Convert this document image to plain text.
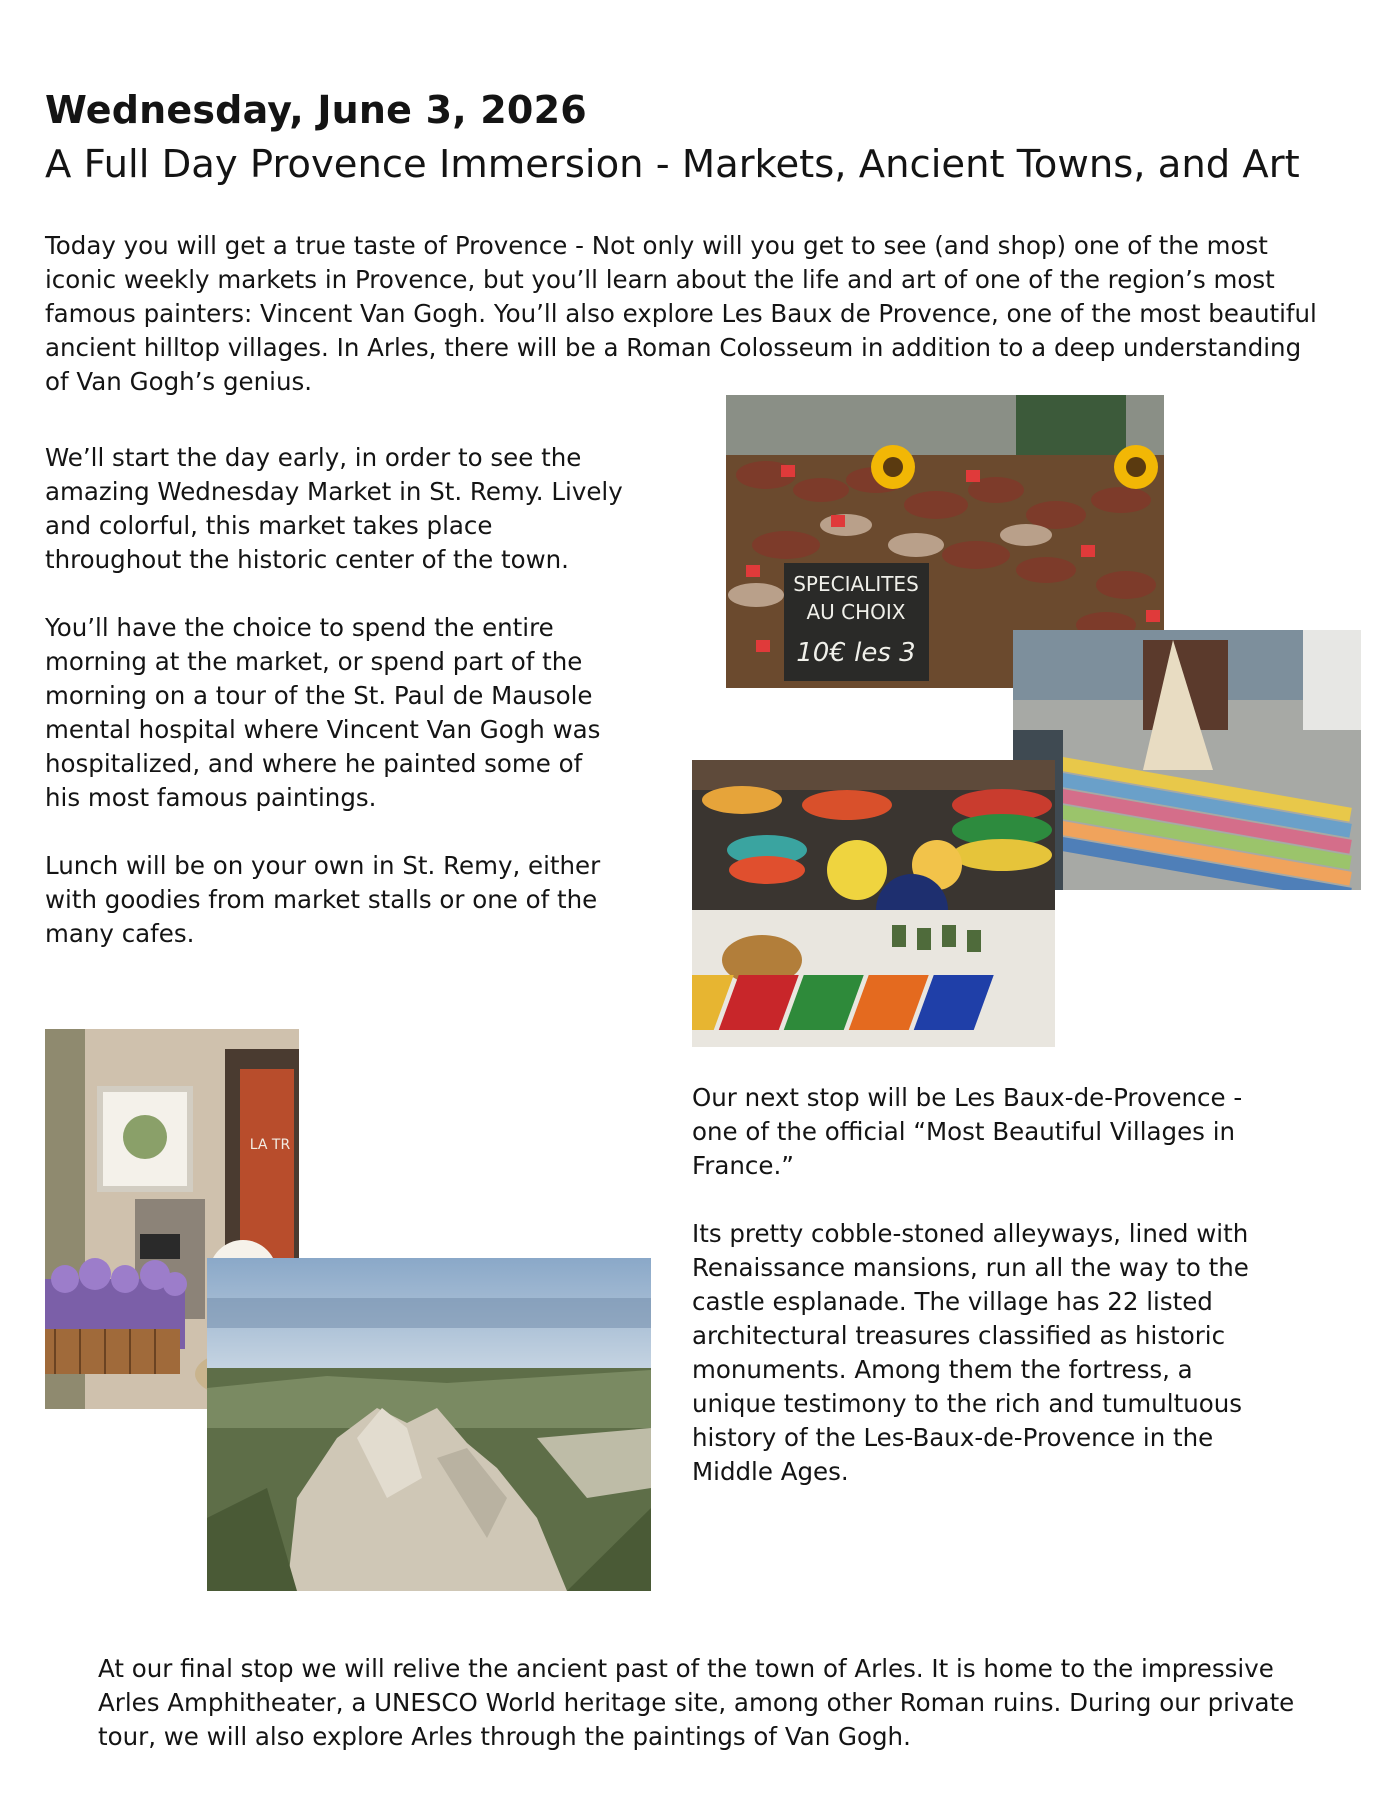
Wednesday, June 3, 2026
A Full Day Provence Immersion - Markets, Ancient Towns, and Art

Today you will get a true taste of Provence - Not only will you get to see (and shop) one of the most
iconic weekly markets in Provence, but you’ll learn about the life and art of one of the region’s most
famous painters: Vincent Van Gogh. You’ll also explore Les Baux de Provence, one of the most beautiful
ancient hilltop villages. In Arles, there will be a Roman Colosseum in addition to a deep understanding
of Van Gogh’s genius.

We’ll start the day early, in order to see the
amazing Wednesday Market in St. Remy. Lively
and colorful, this market takes place
throughout the historic center of the town.

You’ll have the choice to spend the entire
morning at the market, or spend part of the
morning on a tour of the St. Paul de Mausole
mental hospital where Vincent Van Gogh was
hospitalized, and where he painted some of
his most famous paintings.

Lunch will be on your own in St. Remy, either
with goodies from market stalls or one of the
many cafes.

Our next stop will be Les Baux-de-Provence -
one of the official “Most Beautiful Villages in
France.”

Its pretty cobble-stoned alleyways, lined with
Renaissance mansions, run all the way to the
castle esplanade. The village has 22 listed
architectural treasures classified as historic
monuments. Among them the fortress, a
unique testimony to the rich and tumultuous
history of the Les-Baux-de-Provence in the
Middle Ages.

At our final stop we will relive the ancient past of the town of Arles. It is home to the impressive
Arles Amphitheater, a UNESCO World heritage site, among other Roman ruins. During our private
tour, we will also explore Arles through the paintings of Van Gogh.

SPECIALITES
AU CHOIX
10€ les 3
LA TR
